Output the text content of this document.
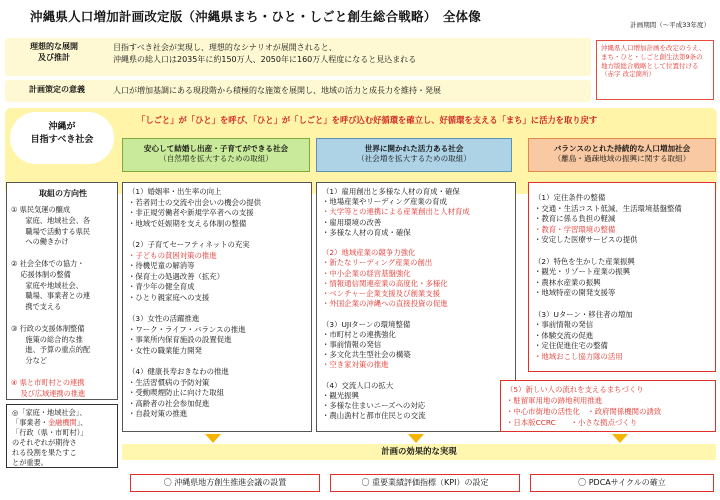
沖縄県人口増加計画改定版（沖縄県まち・ひと・しごと創生総合戦略）　全体像
計画期間（～平成33年度）
理想的な展開
及び推計
目指すべき社会が実現し、理想的なシナリオが展開されると、
沖縄県の総人口は2035年に約150万人、2050年に160万人程度になると見込まれる
計画策定の意義	人口が増加基調にある現段階から積極的な施策を展開し、地域の活力と成長力を維持・発展
沖縄県人口増加計画を改定のうえ、まち・ひと・しごと創生法第9条の地方版総合戦略として位置付ける（赤字 改定箇所）
「しごと」が「ひと」を呼び、「ひと」が「しごと」を呼び込む好循環を確立し、好循環を支える「まち」に活力を取り戻す
沖縄が
目指すべき社会
安心して結婚し出産・子育てができる社会
（自然増を拡大するための取組）
世界に開かれた活力ある社会
（社会増を拡大するための取組）
バランスのとれた持続的な人口増加社会
（離島・過疎地域の振興に関する取組）
取組の方向性
① 県民気運の醸成
　　家庭、地域社会、各
　　職場で活動する県民
　　への働きかけ

② 社会全体での協力・
　 応援体制の整備
　　家庭や地域社会、
　　職場、事業者との連
　　携で支える

③ 行政の支援体制整備
　　施策の総合的な推
　　進、予算の重点的配
　　分など

④ 県と市町村との連携
　 及び広域連携の推進
◎「家庭・地域社会」、
「事業者・金融機関」、
「行政（県・市町村）」
のそれぞれが期待さ
れる役割を果たすこ
とが重要。
（1）婚姻率・出生率の向上
・若者同士の交流や出会いの機会の提供
・非正規労働者や新規学卒者への支援
・地域で妊娠期を支える体制の整備

（2）子育てセーフティネットの充実
・子どもの貧困対策の推進
・待機児童の解消等
・保育士の処遇改善（拡充）
・青少年の健全育成
・ひとり親家庭への支援

（3）女性の活躍推進
・ワーク・ライフ・バランスの推進
・事業所内保育施設の設置促進
・女性の職業能力開発

（4）健康長寿おきなわの推進
・生活習慣病の予防対策
・受動喫煙防止に向けた取組
・高齢者の社会参加促進
・自殺対策の推進
（1）雇用創出と多様な人材の育成・確保
・地場産業やリーディング産業の育成
・大学等との連携による産業創出と人材育成
・雇用環境の改善
・多様な人材の育成・確保

（2）地域産業の競争力強化
・新たなリーディング産業の創出
・中小企業の経営基盤強化
・情報通信関連産業の高度化・多様化
・ベンチャー企業支援及び創業支援
・外国企業の沖縄への直接投資の促進

（3）UJIターンの環境整備
・市町村との連携強化
・事前情報の発信
・多文化共生型社会の構築
・空き家対策の推進

（4）交流人口の拡大
・観光振興
・多様な住まいニーズへの対応
・農山漁村と都市住民との交流
（1）定住条件の整備
・交通・生活コスト低減、生活環境基盤整備
・教育に係る負担の軽減
・教育・学習環境の整備
・安定した医療サービスの提供

（2）特色を生かした産業振興
・観光・リゾート産業の振興
・農林水産業の振興
・地域特産の開発支援等

（3）Uターン・移住者の増加
・事前情報の発信
・体験交流の促進
・定住促進住宅の整備
・地域おこし協力隊の活用
（5）新しい人の流れを支えるまちづくり
・駐留軍用地の跡地利用推進
・中心市街地の活性化　・政府関係機関の誘致
・日本版CCRC　　・小さな拠点づくり
計画の効果的な実現
〇 沖縄県地方創生推進会議の設置	〇 重要業績評価指標（KPI）の設定	〇 PDCAサイクルの確立
